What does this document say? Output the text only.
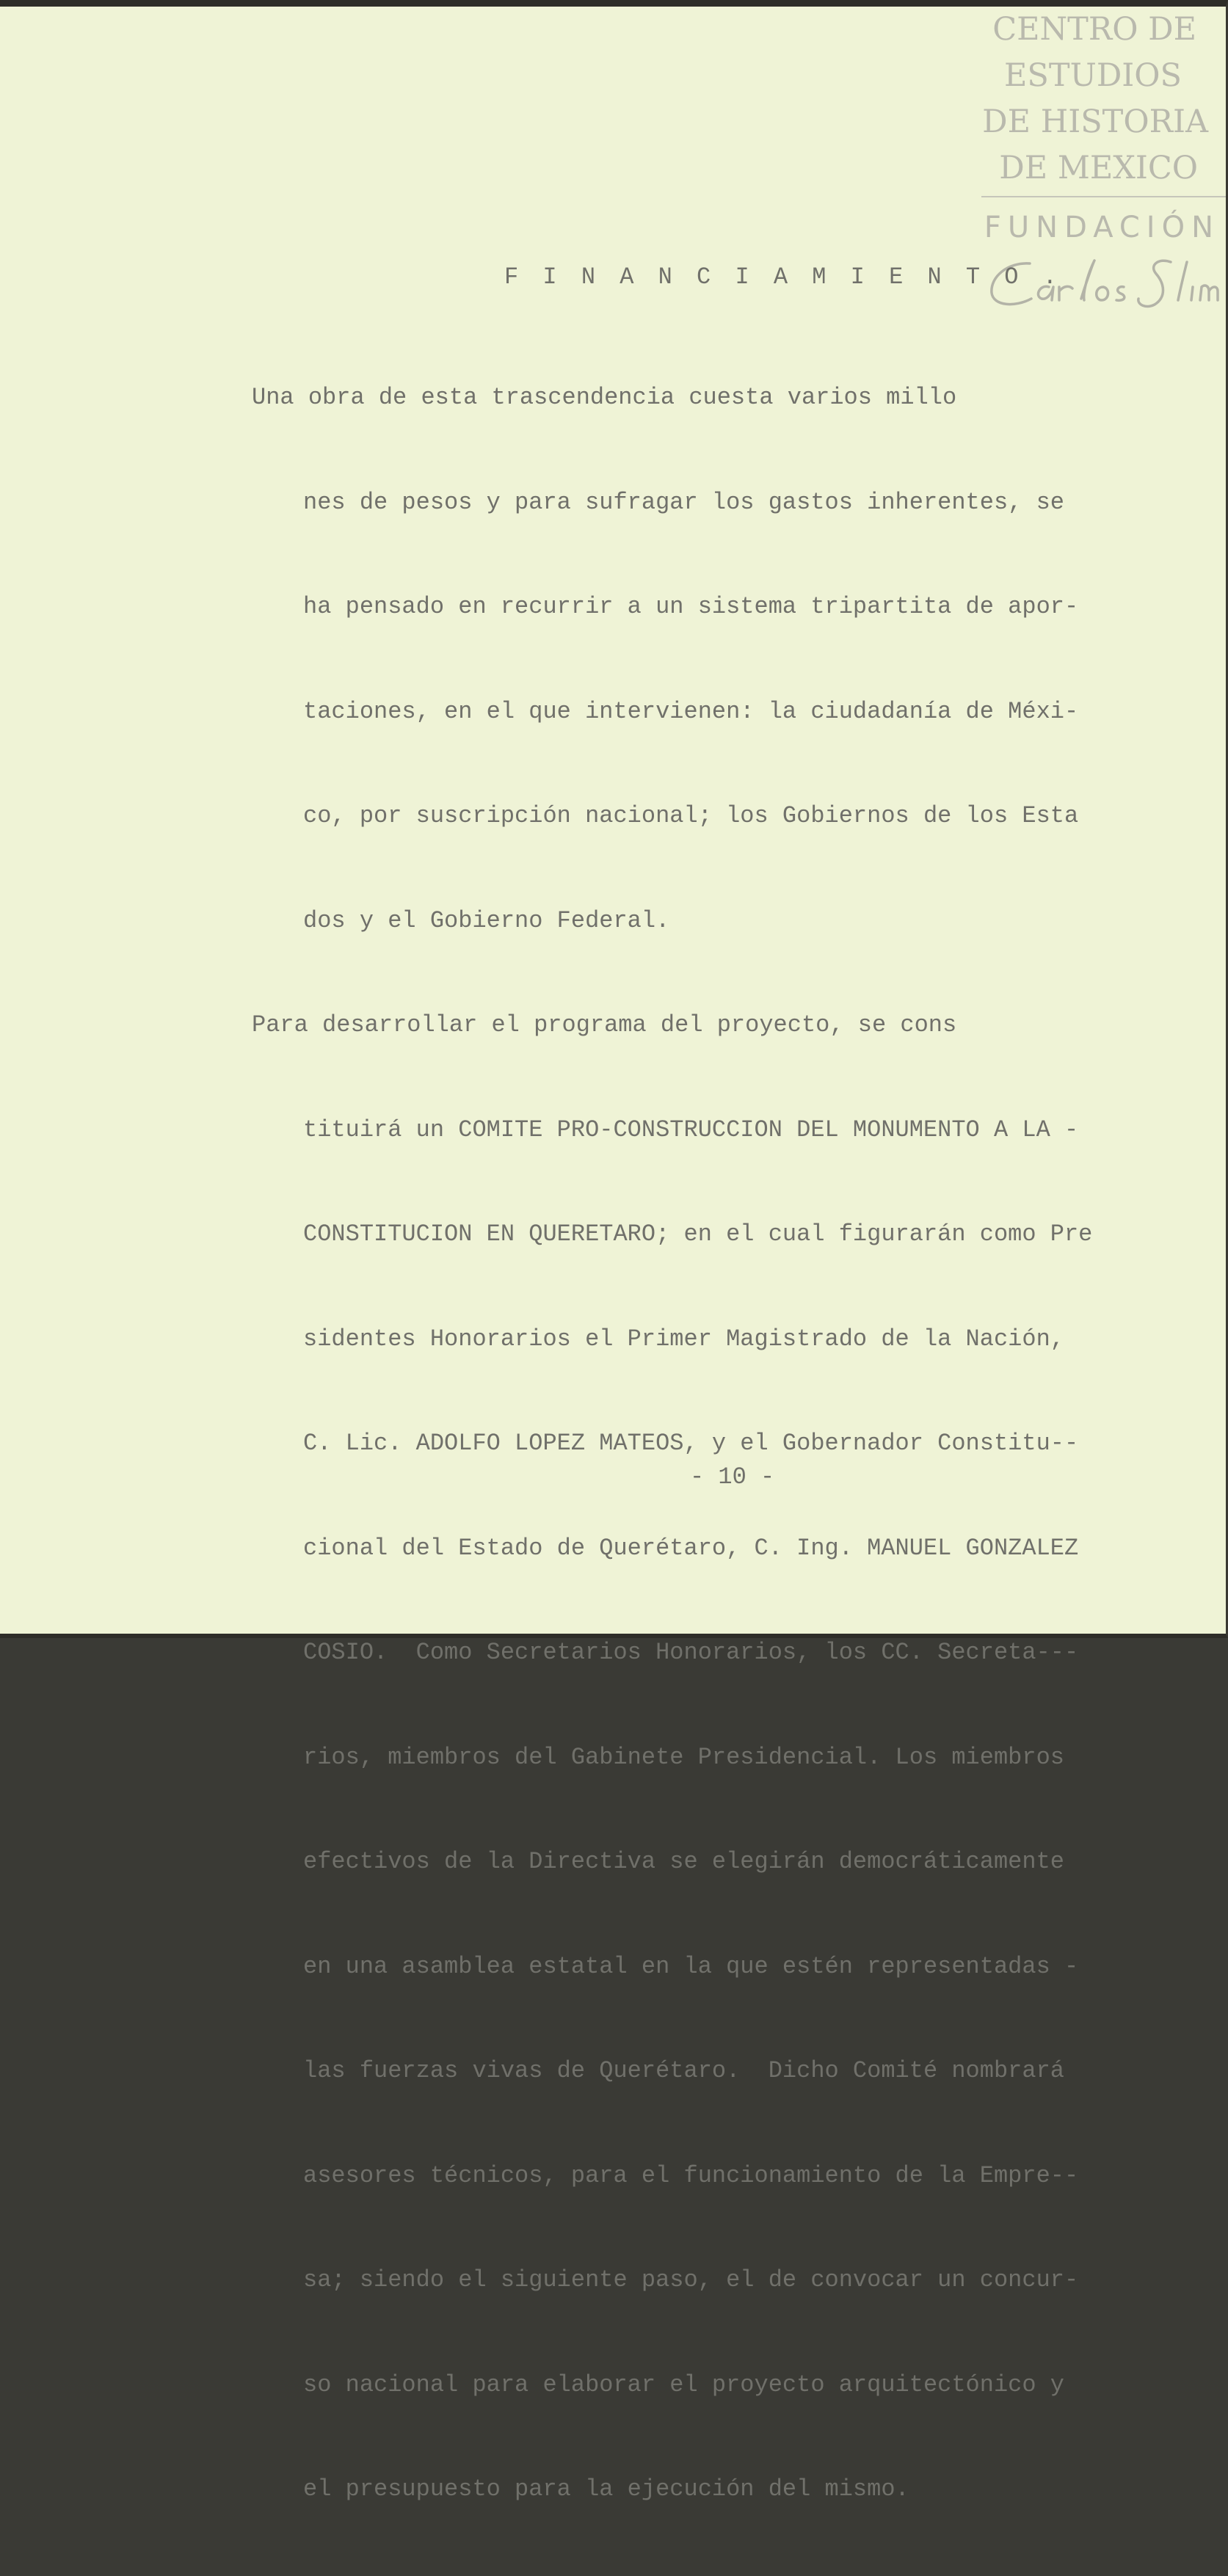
CENTRO DE
ESTUDIOS
DE HISTORIA
DE MEXICO
FUNDACIÓN
F I N A N C I A M I E N T O .

Una obra de esta trascendencia cuesta varios millo

nes de pesos y para sufragar los gastos inherentes, se

ha pensado en recurrir a un sistema tripartita de apor-

taciones, en el que intervienen: la ciudadanía de Méxi-

co, por suscripción nacional; los Gobiernos de los Esta

dos y el Gobierno Federal.

Para desarrollar el programa del proyecto, se cons

tituirá un COMITE PRO-CONSTRUCCION DEL MONUMENTO A LA -

CONSTITUCION EN QUERETARO; en el cual figurarán como Pre

sidentes Honorarios el Primer Magistrado de la Nación,

C. Lic. ADOLFO LOPEZ MATEOS, y el Gobernador Constitu--

cional del Estado de Querétaro, C. Ing. MANUEL GONZALEZ

COSIO.  Como Secretarios Honorarios, los CC. Secreta---

rios, miembros del Gabinete Presidencial. Los miembros

efectivos de la Directiva se elegirán democráticamente

en una asamblea estatal en la que estén representadas -

las fuerzas vivas de Querétaro.  Dicho Comité nombrará

asesores técnicos, para el funcionamiento de la Empre--

sa; siendo el siguiente paso, el de convocar un concur-

so nacional para elaborar el proyecto arquitectónico y

el presupuesto para la ejecución del mismo.

- 10 -
